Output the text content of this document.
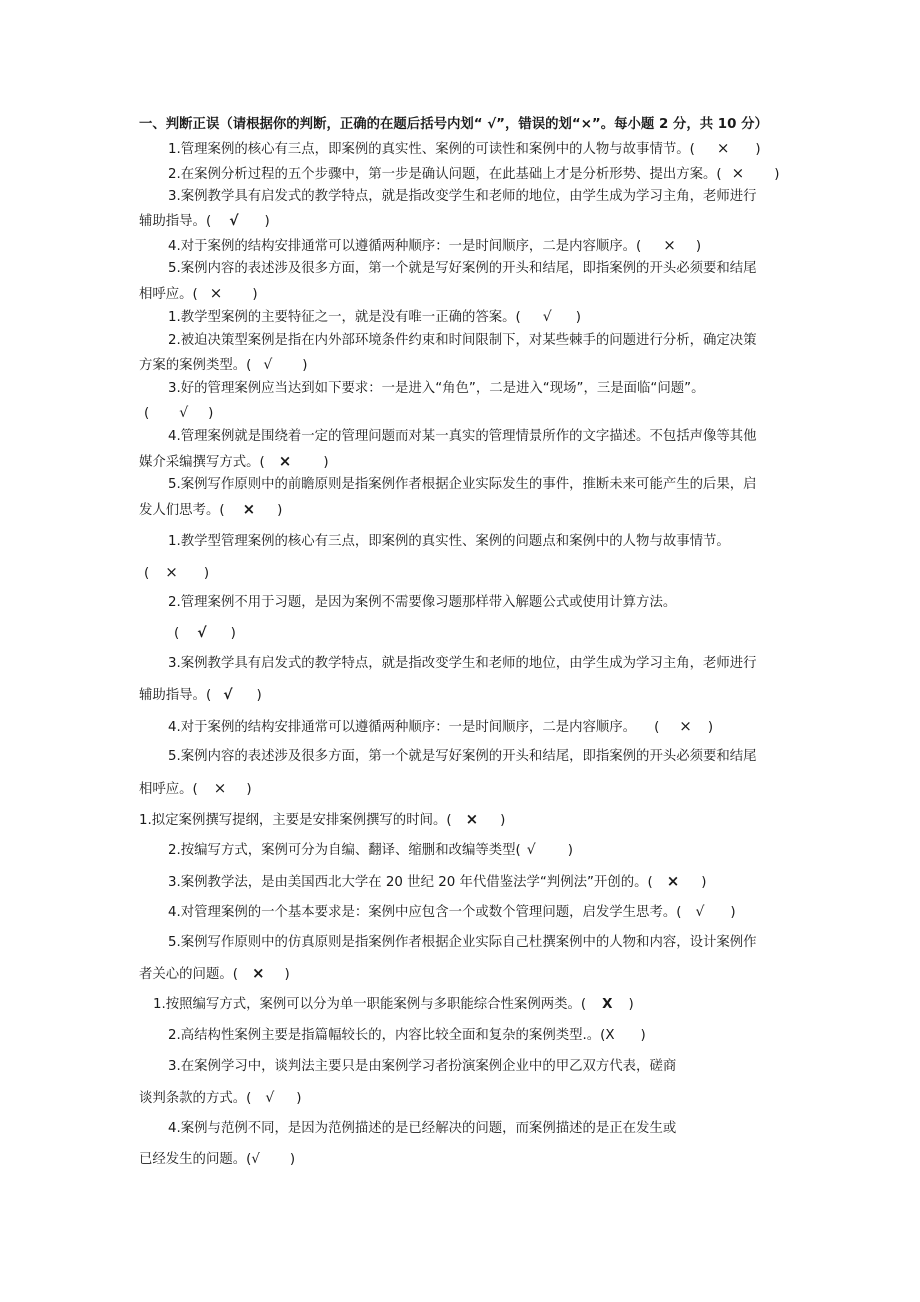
一、判断正误（请根据你的判断，正确的在题后括号内划“ √”，错误的划“×”。每小题 2 分，共 10 分）
1.管理案例的核心有三点，即案例的真实性、案例的可读性和案例中的人物与故事情节。( × )
2.在案例分析过程的五个步骤中，第一步是确认问题，在此基础上才是分析形势、提出方案。( × )
3.案例教学具有启发式的教学特点，就是指改变学生和老师的地位，由学生成为学习主角，老师进行
辅助指导。( √ )
4.对于案例的结构安排通常可以遵循两种顺序：一是时间顺序，二是内容顺序。( × )
5.案例内容的表述涉及很多方面，第一个就是写好案例的开头和结尾，即指案例的开头必须要和结尾
相呼应。( × )
1.教学型案例的主要特征之一，就是没有唯一正确的答案。( √ )
2.被迫决策型案例是指在内外部环境条件约束和时间限制下，对某些棘手的问题进行分析，确定决策
方案的案例类型。( √ )
3.好的管理案例应当达到如下要求：一是进入“角色”，二是进入“现场”，三是面临“问题”。
( √ )
4.管理案例就是围绕着一定的管理问题而对某一真实的管理情景所作的文字描述。不包括声像等其他
媒介采编撰写方式。( × )
5.案例写作原则中的前瞻原则是指案例作者根据企业实际发生的事件，推断未来可能产生的后果，启
发人们思考。( × )
1.教学型管理案例的核心有三点，即案例的真实性、案例的问题点和案例中的人物与故事情节。
( × )
2.管理案例不用于习题，是因为案例不需要像习题那样带入解题公式或使用计算方法。
( √ )
3.案例教学具有启发式的教学特点，就是指改变学生和老师的地位，由学生成为学习主角，老师进行
辅助指导。( √ )
4.对于案例的结构安排通常可以遵循两种顺序：一是时间顺序，二是内容顺序。 ( × )
5.案例内容的表述涉及很多方面，第一个就是写好案例的开头和结尾，即指案例的开头必须要和结尾
相呼应。( × )
1.拟定案例撰写提纲，主要是安排案例撰写的时间。( × )
2.按编写方式，案例可分为自编、翻译、缩删和改编等类型( √ )
3.案例教学法，是由美国西北大学在 20 世纪 20 年代借鉴法学“判例法”开创的。( × )
4.对管理案例的一个基本要求是：案例中应包含一个或数个管理问题，启发学生思考。( √ )
5.案例写作原则中的仿真原则是指案例作者根据企业实际自己杜撰案例中的人物和内容，设计案例作
者关心的问题。( × )
1.按照编写方式，案例可以分为单一职能案例与多职能综合性案例两类。( X )
2.高结构性案例主要是指篇幅较长的，内容比较全面和复杂的案例类型.。(X )
3.在案例学习中，谈判法主要只是由案例学习者扮演案例企业中的甲乙双方代表，磋商
谈判条款的方式。( √ )
4.案例与范例不同，是因为范例描述的是已经解决的问题，而案例描述的是正在发生或
已经发生的问题。(√ )
